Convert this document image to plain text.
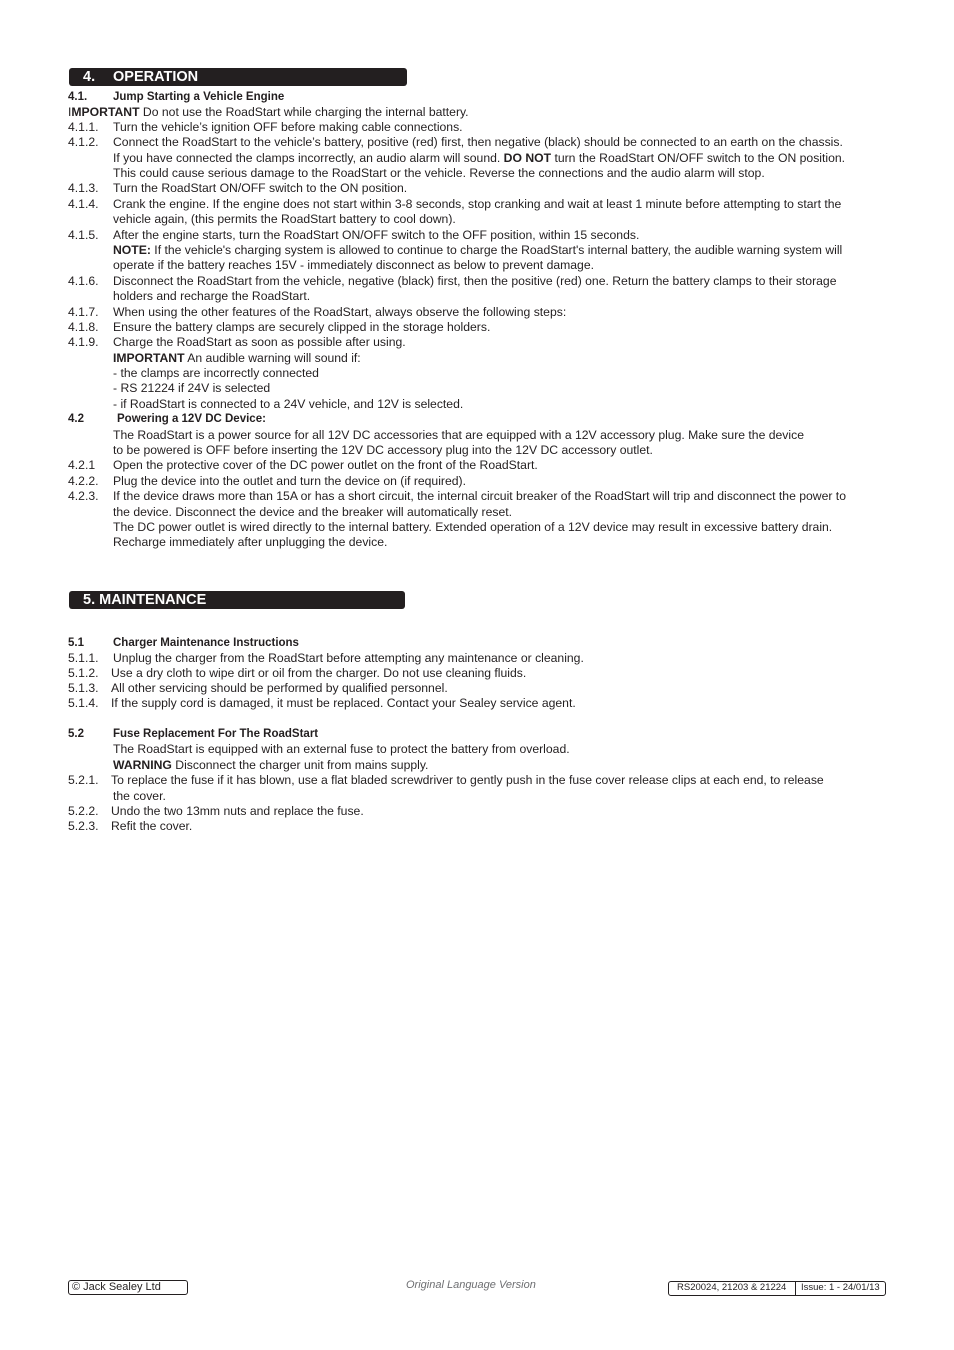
4. OPERATION
4.1. Jump Starting a Vehicle Engine
IMPORTANT Do not use the RoadStart while charging the internal battery.
4.1.1. Turn the vehicle’s ignition OFF before making cable connections.
4.1.2. Connect the RoadStart to the vehicle’s battery, positive (red) first, then negative (black) should be connected to an earth on the chassis.
If you have connected the clamps incorrectly, an audio alarm will sound. DO NOT turn the RoadStart ON/OFF switch to the ON position.
This could cause serious damage to the RoadStart or the vehicle. Reverse the connections and the audio alarm will stop.
4.1.3. Turn the RoadStart ON/OFF switch to the ON position.
4.1.4. Crank the engine. If the engine does not start within 3-8 seconds, stop cranking and wait at least 1 minute before attempting to start the
vehicle again, (this permits the RoadStart battery to cool down).
4.1.5. After the engine starts, turn the RoadStart ON/OFF switch to the OFF position, within 15 seconds.
NOTE: If the vehicle's charging system is allowed to continue to charge the RoadStart's internal battery, the audible warning system will
operate if the battery reaches 15V - immediately disconnect as below to prevent damage.
4.1.6. Disconnect the RoadStart from the vehicle, negative (black) first, then the positive (red) one. Return the battery clamps to their storage
holders and recharge the RoadStart.
4.1.7. When using the other features of the RoadStart, always observe the following steps:
4.1.8. Ensure the battery clamps are securely clipped in the storage holders.
4.1.9. Charge the RoadStart as soon as possible after using.
IMPORTANT An audible warning will sound if:
- the clamps are incorrectly connected
- RS 21224 if 24V is selected
- if RoadStart is connected to a 24V vehicle, and 12V is selected.
4.2	Powering a 12V DC Device:
The RoadStart is a power source for all 12V DC accessories that are equipped with a 12V accessory plug. Make sure the device
to be powered is OFF before inserting the 12V DC accessory plug into the 12V DC accessory outlet.
4.2.1 Open the protective cover of the DC power outlet on the front of the RoadStart.
4.2.2. Plug the device into the outlet and turn the device on (if required).
4.2.3. If the device draws more than 15A or has a short circuit, the internal circuit breaker of the RoadStart will trip and disconnect the power to
the device. Disconnect the device and the breaker will automatically reset.
The DC power outlet is wired directly to the internal battery. Extended operation of a 12V device may result in excessive battery drain.
Recharge immediately after unplugging the device.
5. MAINTENANCE
5.1	Charger Maintenance Instructions
5.1.1. Unplug the charger from the RoadStart before attempting any maintenance or cleaning.
5.1.2. Use a dry cloth to wipe dirt or oil from the charger. Do not use cleaning fluids.
5.1.3. All other servicing should be performed by qualified personnel.
5.1.4. If the supply cord is damaged, it must be replaced. Contact your Sealey service agent.
5.2	Fuse Replacement For The RoadStart
The RoadStart is equipped with an external fuse to protect the battery from overload.
WARNING Disconnect the charger unit from mains supply.
5.2.1. To replace the fuse if it has blown, use a flat bladed screwdriver to gently push in the fuse cover release clips at each end, to release
the cover.
5.2.2. Undo the two 13mm nuts and replace the fuse.
5.2.3. Refit the cover.
© Jack Sealey Ltd	Original Language Version	RS20024, 21203 & 21224 Issue: 1 - 24/01/13
